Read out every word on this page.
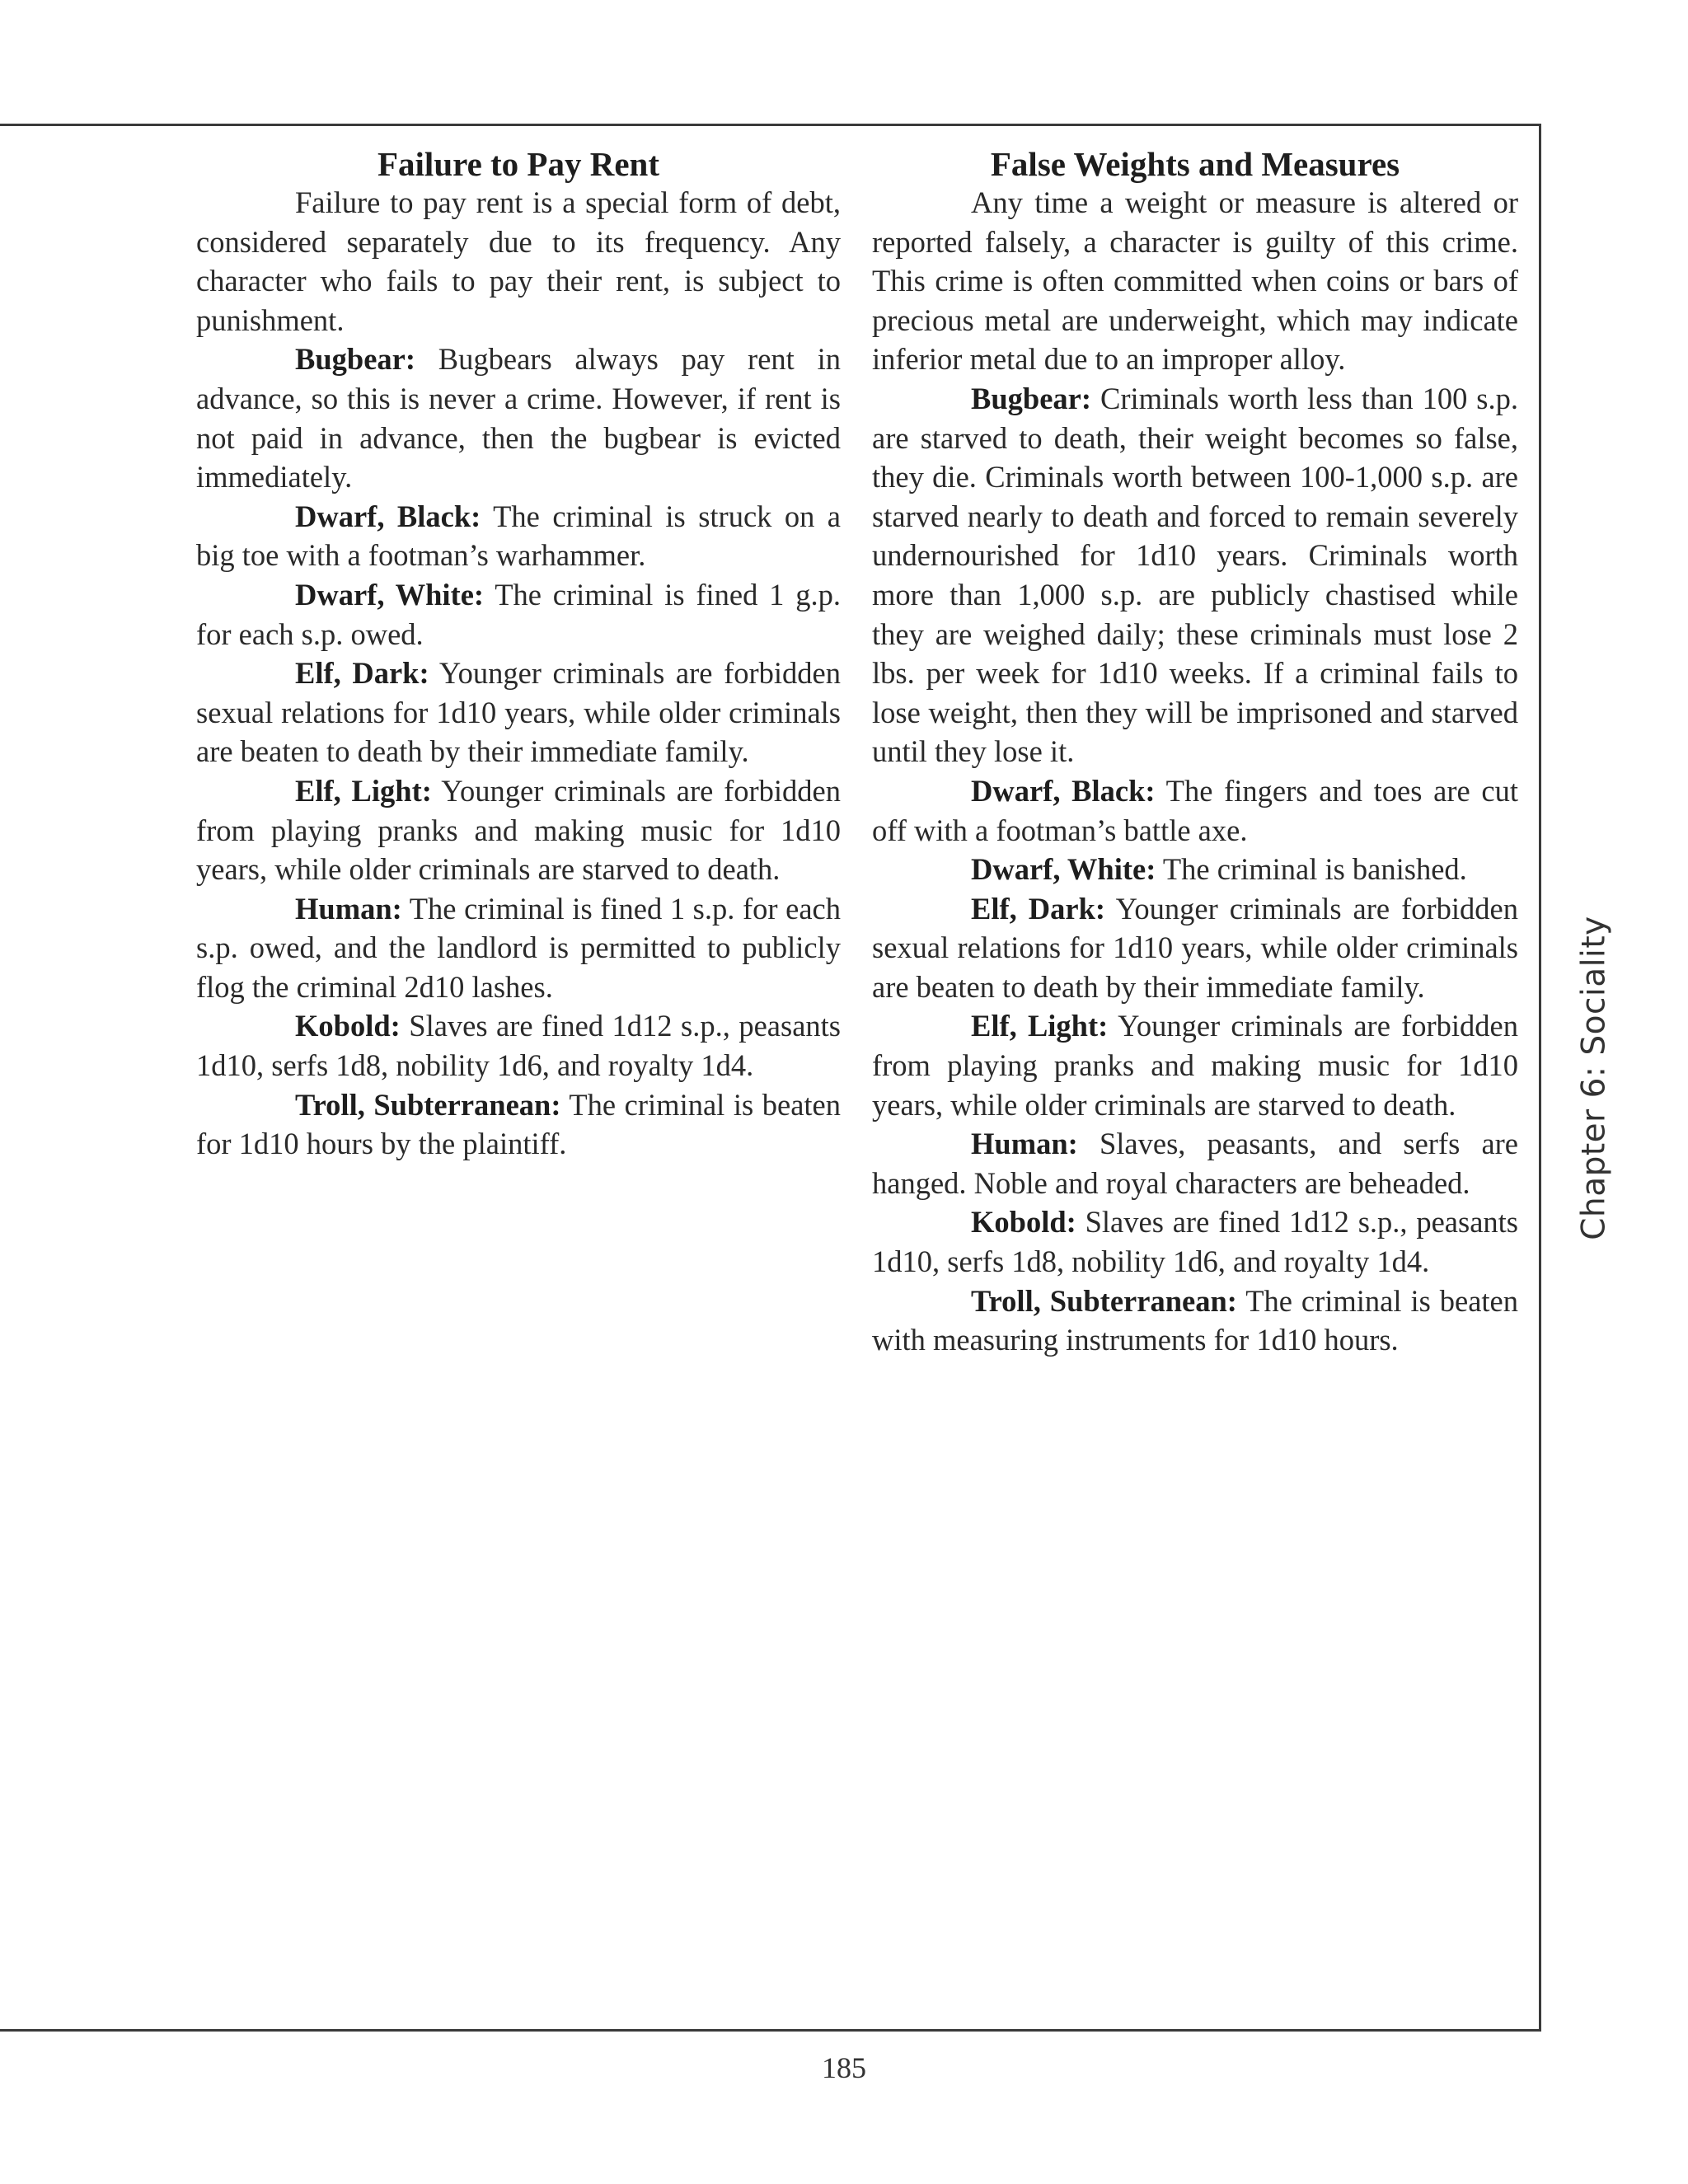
Failure to Pay Rent

Failure to pay rent is a special form of debt, considered separately due to its frequency. Any character who fails to pay their rent, is subject to punishment.

Bugbear: Bugbears always pay rent in advance, so this is never a crime. However, if rent is not paid in advance, then the bugbear is evicted immediately.

Dwarf, Black: The criminal is struck on a big toe with a footman’s warhammer.

Dwarf, White: The criminal is fined 1 g.p. for each s.p. owed.

Elf, Dark: Younger criminals are forbidden sexual relations for 1d10 years, while older criminals are beaten to death by their immediate family.

Elf, Light: Younger criminals are forbidden from playing pranks and making music for 1d10 years, while older criminals are starved to death.

Human: The criminal is fined 1 s.p. for each s.p. owed, and the landlord is permitted to publicly flog the criminal 2d10 lashes.

Kobold: Slaves are fined 1d12 s.p., peasants 1d10, serfs 1d8, nobility 1d6, and royalty 1d4.

Troll, Subterranean: The criminal is beaten for 1d10 hours by the plaintiff.

False Weights and Measures

Any time a weight or measure is altered or reported falsely, a character is guilty of this crime. This crime is often committed when coins or bars of precious metal are underweight, which may indicate inferior metal due to an improper alloy.

Bugbear: Criminals worth less than 100 s.p. are starved to death, their weight becomes so false, they die. Criminals worth between 100-1,000 s.p. are starved nearly to death and forced to remain severely undernourished for 1d10 years. Criminals worth more than 1,000 s.p. are publicly chastised while they are weighed daily; these criminals must lose 2 lbs. per week for 1d10 weeks. If a criminal fails to lose weight, then they will be imprisoned and starved until they lose it.

Dwarf, Black: The fingers and toes are cut off with a footman’s battle axe.

Dwarf, White: The criminal is banished.

Elf, Dark: Younger criminals are forbidden sexual relations for 1d10 years, while older criminals are beaten to death by their immediate family.

Elf, Light: Younger criminals are forbidden from playing pranks and making music for 1d10 years, while older criminals are starved to death.

Human: Slaves, peasants, and serfs are hanged. Noble and royal characters are beheaded.

Kobold: Slaves are fined 1d12 s.p., peasants 1d10, serfs 1d8, nobility 1d6, and royalty 1d4.

Troll, Subterranean: The criminal is beaten with measuring instruments for 1d10 hours.

Chapter 6: Sociality
185
